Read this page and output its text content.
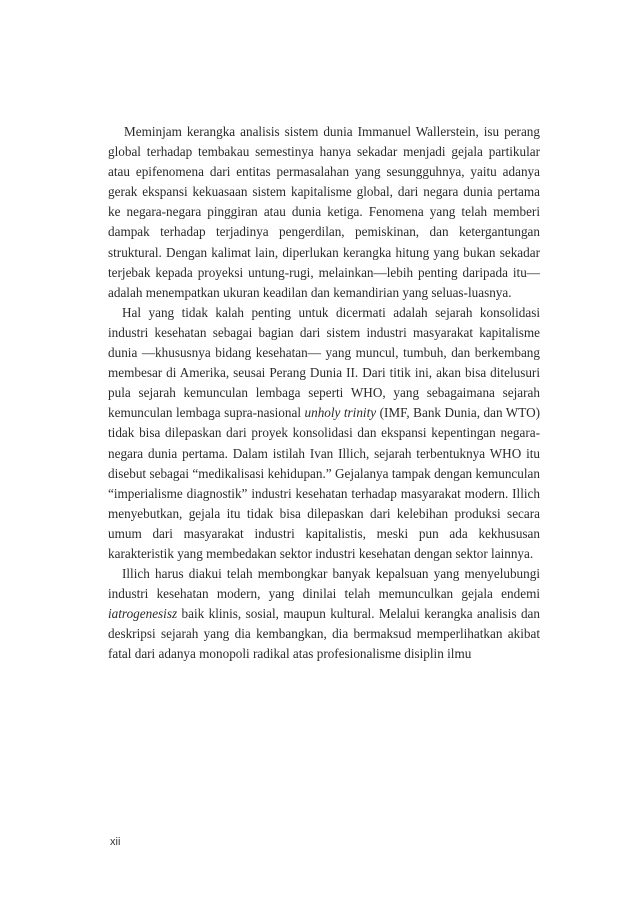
Meminjam kerangka analisis sistem dunia Immanuel Wallerstein, isu perang global terhadap tembakau semestinya hanya sekadar menjadi gejala partikular atau epifenomena dari entitas permasalahan yang sesungguhnya, yaitu adanya gerak ekspansi kekuasaan sistem kapitalisme global, dari negara dunia pertama ke negara-negara pinggiran atau dunia ketiga. Fenomena yang telah memberi dampak terhadap terjadinya pengerdilan, pemiskinan, dan ketergantungan struktural. Dengan kalimat lain, diperlukan kerangka hitung yang bukan sekadar terjebak kepada proyeksi untung-rugi, melainkan—lebih penting daripada itu—adalah menempatkan ukuran keadilan dan kemandirian yang seluas-luasnya.

Hal yang tidak kalah penting untuk dicermati adalah sejarah konsolidasi industri kesehatan sebagai bagian dari sistem industri masyarakat kapitalisme dunia —khususnya bidang kesehatan— yang muncul, tumbuh, dan berkembang membesar di Amerika, seusai Perang Dunia II. Dari titik ini, akan bisa ditelusuri pula sejarah kemunculan lembaga seperti WHO, yang sebagaimana sejarah kemunculan lembaga supra-nasional unholy trinity (IMF, Bank Dunia, dan WTO) tidak bisa dilepaskan dari proyek konsolidasi dan ekspansi kepentingan negara-negara dunia pertama. Dalam istilah Ivan Illich, sejarah terbentuknya WHO itu disebut sebagai “medikalisasi kehidupan.” Gejalanya tampak dengan kemunculan “imperialisme diagnostik” industri kesehatan terhadap masyarakat modern. Illich menyebutkan, gejala itu tidak bisa dilepaskan dari kelebihan produksi secara umum dari masyarakat industri kapitalistis, meski pun ada kekhususan karakteristik yang membedakan sektor industri kesehatan dengan sektor lainnya.

Illich harus diakui telah membongkar banyak kepalsuan yang menyelubungi industri kesehatan modern, yang dinilai telah memunculkan gejala endemi iatrogenesisz baik klinis, sosial, maupun kultural. Melalui kerangka analisis dan deskripsi sejarah yang dia kembangkan, dia bermaksud memperlihatkan akibat fatal dari adanya monopoli radikal atas profesionalisme disiplin ilmu

xii
